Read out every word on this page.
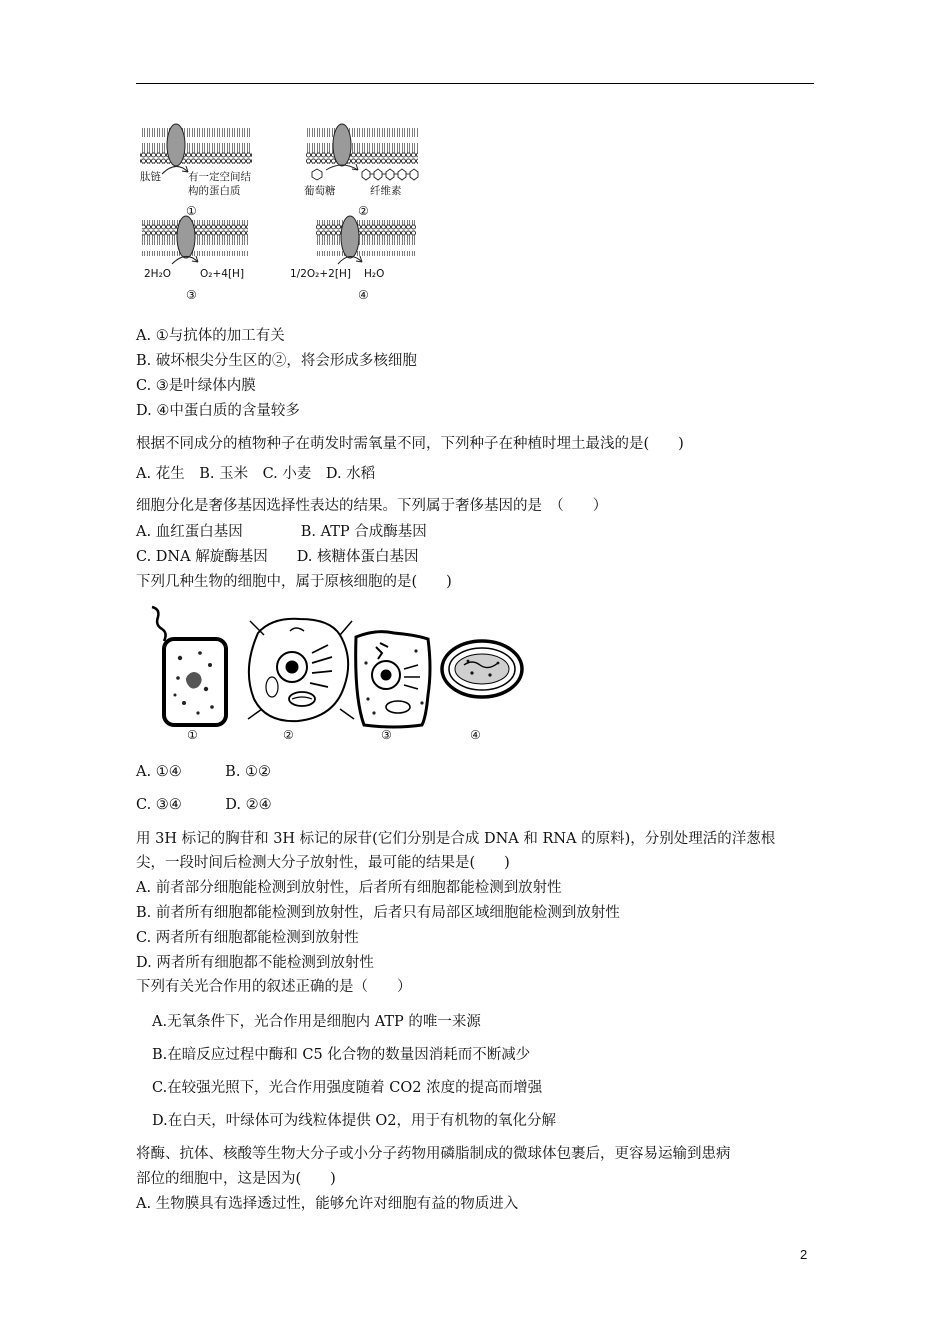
肽链	有一定空间结
构的蛋白质
①
葡萄糖	纤维素
②
2H₂O	O₂+4[H]
③
1/2O₂+2[H] H₂O
④
A. ①与抗体的加工有关
B. 破坏根尖分生区的②，将会形成多核细胞
C. ③是叶绿体内膜
D. ④中蛋白质的含量较多
根据不同成分的植物种子在萌发时需氧量不同，下列种子在种植时埋土最浅的是(　　)
A. 花生　B. 玉米　C. 小麦　D. 水稻
细胞分化是奢侈基因选择性表达的结果。下列属于奢侈基因的是　（　　）
A. 血红蛋白基因　　　　B. ATP 合成酶基因
C. DNA 解旋酶基因　　D. 核糖体蛋白基因
下列几种生物的细胞中，属于原核细胞的是(　　)
①	②	③	④
A. ①④　　　B. ①②
C. ③④　　　D. ②④
用 3H 标记的胸苷和 3H 标记的尿苷(它们分别是合成 DNA 和 RNA 的原料)，分别处理活的洋葱根
尖，一段时间后检测大分子放射性，最可能的结果是(　　)
A. 前者部分细胞能检测到放射性，后者所有细胞都能检测到放射性
B. 前者所有细胞都能检测到放射性，后者只有局部区域细胞能检测到放射性
C. 两者所有细胞都能检测到放射性
D. 两者所有细胞都不能检测到放射性
下列有关光合作用的叙述正确的是（　　）
A.无氧条件下，光合作用是细胞内 ATP 的唯一来源
B.在暗反应过程中酶和 C5 化合物的数量因消耗而不断减少
C.在较强光照下，光合作用强度随着 CO2 浓度的提高而增强
D.在白天，叶绿体可为线粒体提供 O2，用于有机物的氧化分解
将酶、抗体、核酸等生物大分子或小分子药物用磷脂制成的微球体包裹后，更容易运输到患病
部位的细胞中，这是因为(　　)
A. 生物膜具有选择透过性，能够允许对细胞有益的物质进入
2
